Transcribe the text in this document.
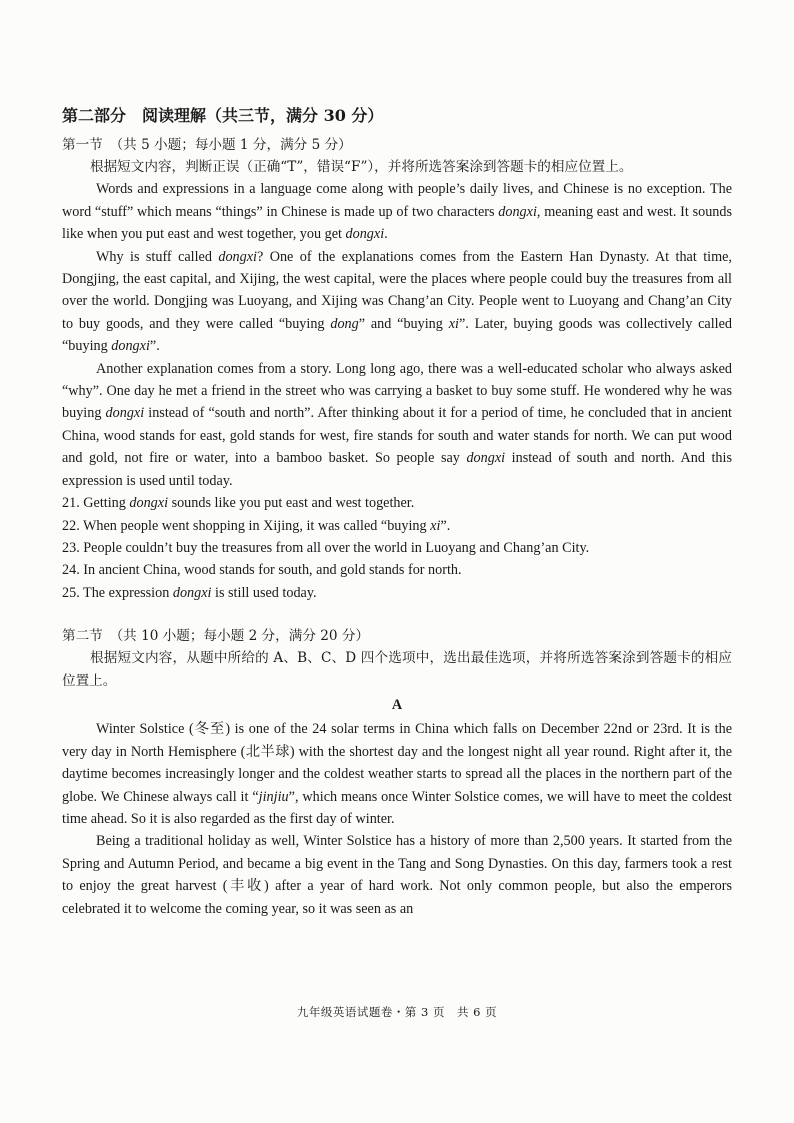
第二部分　阅读理解（共三节，满分 30 分）
第一节　（共 5 小题；每小题 1 分，满分 5 分）

根据短文内容，判断正误（正确“T”，错误“F”），并将所选答案涂到答题卡的相应位置上。

Words and expressions in a language come along with people’s daily lives, and Chinese is no exception. The word “stuff” which means “things” in Chinese is made up of two characters dongxi, meaning east and west. It sounds like when you put east and west together, you get dongxi.

Why is stuff called dongxi? One of the explanations comes from the Eastern Han Dynasty. At that time, Dongjing, the east capital, and Xijing, the west capital, were the places where people could buy the treasures from all over the world. Dongjing was Luoyang, and Xijing was Chang’an City. People went to Luoyang and Chang’an City to buy goods, and they were called “buying dong” and “buying xi”. Later, buying goods was collectively called “buying dongxi”.

Another explanation comes from a story. Long long ago, there was a well-educated scholar who always asked “why”. One day he met a friend in the street who was carrying a basket to buy some stuff. He wondered why he was buying dongxi instead of “south and north”. After thinking about it for a period of time, he concluded that in ancient China, wood stands for east, gold stands for west, fire stands for south and water stands for north. We can put wood and gold, not fire or water, into a bamboo basket. So people say dongxi instead of south and north. And this expression is used until today.

21. Getting dongxi sounds like you put east and west together.
22. When people went shopping in Xijing, it was called “buying xi”.
23. People couldn’t buy the treasures from all over the world in Luoyang and Chang’an City.
24. In ancient China, wood stands for south, and gold stands for north.
25. The expression dongxi is still used today.
第二节　（共 10 小题；每小题 2 分，满分 20 分）

根据短文内容，从题中所给的 A、B、C、D 四个选项中，选出最佳选项，并将所选答案涂到答题卡的相应位置上。

A

Winter Solstice (冬至) is one of the 24 solar terms in China which falls on December 22nd or 23rd. It is the very day in North Hemisphere (北半球) with the shortest day and the longest night all year round. Right after it, the daytime becomes increasingly longer and the coldest weather starts to spread all the places in the northern part of the globe. We Chinese always call it “jinjiu”, which means once Winter Solstice comes, we will have to meet the coldest time ahead. So it is also regarded as the first day of winter.

Being a traditional holiday as well, Winter Solstice has a history of more than 2,500 years. It started from the Spring and Autumn Period, and became a big event in the Tang and Song Dynasties. On this day, farmers took a rest to enjoy the great harvest (丰收) after a year of hard work. Not only common people, but also the emperors celebrated it to welcome the coming year, so it was seen as an

九年级英语试题卷・第 3 页　共 6 页
